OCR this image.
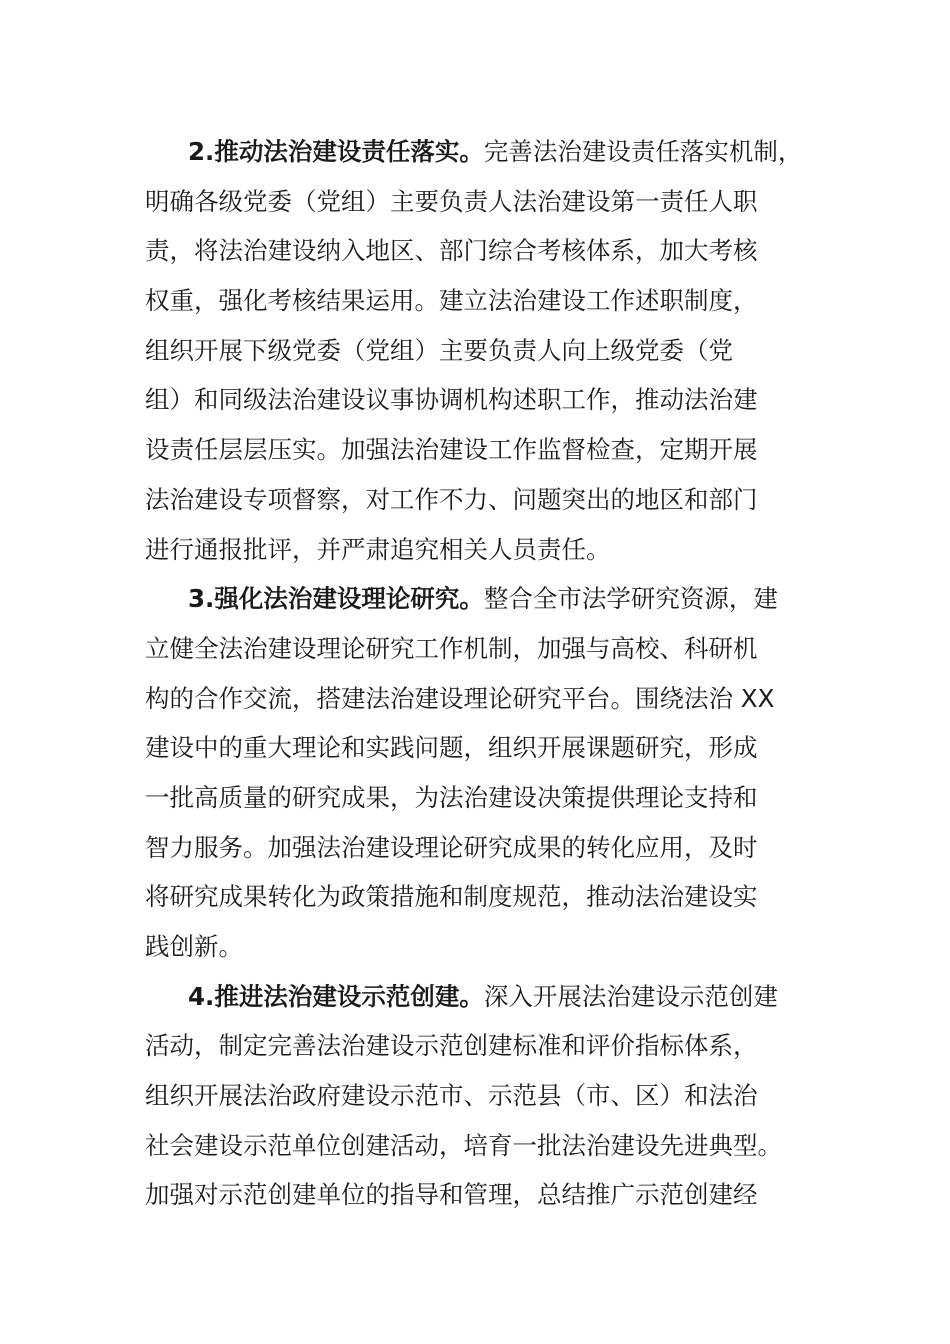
2.推动法治建设责任落实。完善法治建设责任落实机制，
明确各级党委（党组）主要负责人法治建设第一责任人职
责，将法治建设纳入地区、部门综合考核体系，加大考核
权重，强化考核结果运用。建立法治建设工作述职制度，
组织开展下级党委（党组）主要负责人向上级党委（党
组）和同级法治建设议事协调机构述职工作，推动法治建
设责任层层压实。加强法治建设工作监督检查，定期开展
法治建设专项督察，对工作不力、问题突出的地区和部门
进行通报批评，并严肃追究相关人员责任。
3.强化法治建设理论研究。整合全市法学研究资源，建
立健全法治建设理论研究工作机制，加强与高校、科研机
构的合作交流，搭建法治建设理论研究平台。围绕法治 XX
建设中的重大理论和实践问题，组织开展课题研究，形成
一批高质量的研究成果，为法治建设决策提供理论支持和
智力服务。加强法治建设理论研究成果的转化应用，及时
将研究成果转化为政策措施和制度规范，推动法治建设实
践创新。
4.推进法治建设示范创建。深入开展法治建设示范创建
活动，制定完善法治建设示范创建标准和评价指标体系，
组织开展法治政府建设示范市、示范县（市、区）和法治
社会建设示范单位创建活动，培育一批法治建设先进典型。
加强对示范创建单位的指导和管理，总结推广示范创建经
